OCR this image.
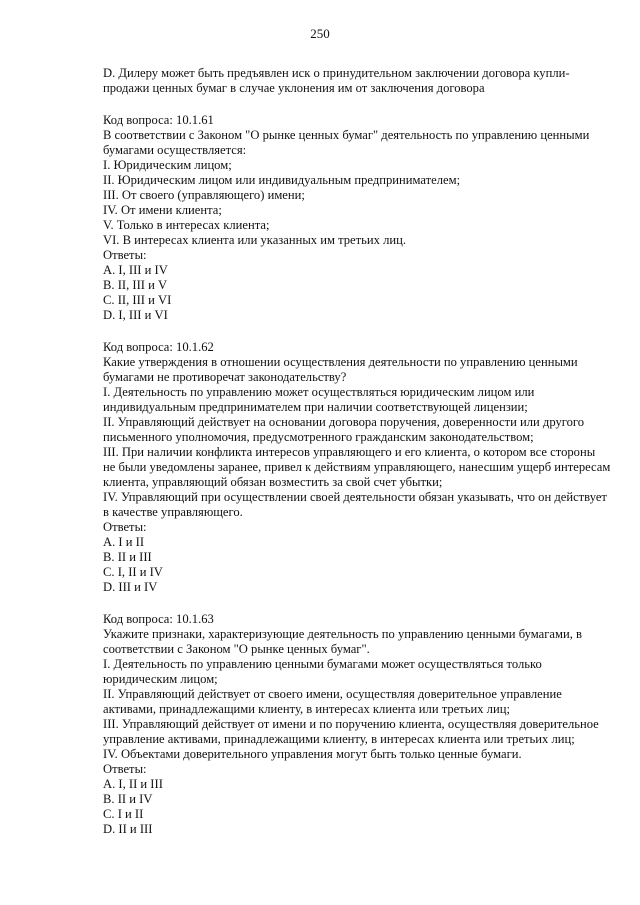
250
D. Дилеру может быть предъявлен иск о принудительном заключении договора купли-
продажи ценных бумаг в случае уклонения им от заключения договора
Код вопроса: 10.1.61
В соответствии с Законом "О рынке ценных бумаг" деятельность по управлению ценными
бумагами осуществляется:
I. Юридическим лицом;
II. Юридическим лицом или индивидуальным предпринимателем;
III. От своего (управляющего) имени;
IV. От имени клиента;
V. Только в интересах клиента;
VI. В интересах клиента или указанных им третьих лиц.
Ответы:
A. I, III и IV
B. II, III и V
C. II, III и VI
D. I, III и VI
Код вопроса: 10.1.62
Какие утверждения в отношении осуществления деятельности по управлению ценными
бумагами не противоречат законодательству?
I. Деятельность по управлению может осуществляться юридическим лицом или
индивидуальным предпринимателем при наличии соответствующей лицензии;
II. Управляющий действует на основании договора поручения, доверенности или другого
письменного уполномочия, предусмотренного гражданским законодательством;
III. При наличии конфликта интересов управляющего и его клиента, о котором все стороны
не были уведомлены заранее, привел к действиям управляющего, нанесшим ущерб интересам
клиента, управляющий обязан возместить за свой счет убытки;
IV. Управляющий при осуществлении своей деятельности обязан указывать, что он действует
в качестве управляющего.
Ответы:
A. I и II
B. II и III
C. I, II и IV
D. III и IV
Код вопроса: 10.1.63
Укажите признаки, характеризующие деятельность по управлению ценными бумагами, в
соответствии с Законом "О рынке ценных бумаг".
I. Деятельность по управлению ценными бумагами может осуществляться только
юридическим лицом;
II. Управляющий действует от своего имени, осуществляя доверительное управление
активами, принадлежащими клиенту, в интересах клиента или третьих лиц;
III. Управляющий действует от имени и по поручению клиента, осуществляя доверительное
управление активами, принадлежащими клиенту, в интересах клиента или третьих лиц;
IV. Объектами доверительного управления могут быть только ценные бумаги.
Ответы:
A. I, II и III
B. II и IV
C. I и II
D. II и III
